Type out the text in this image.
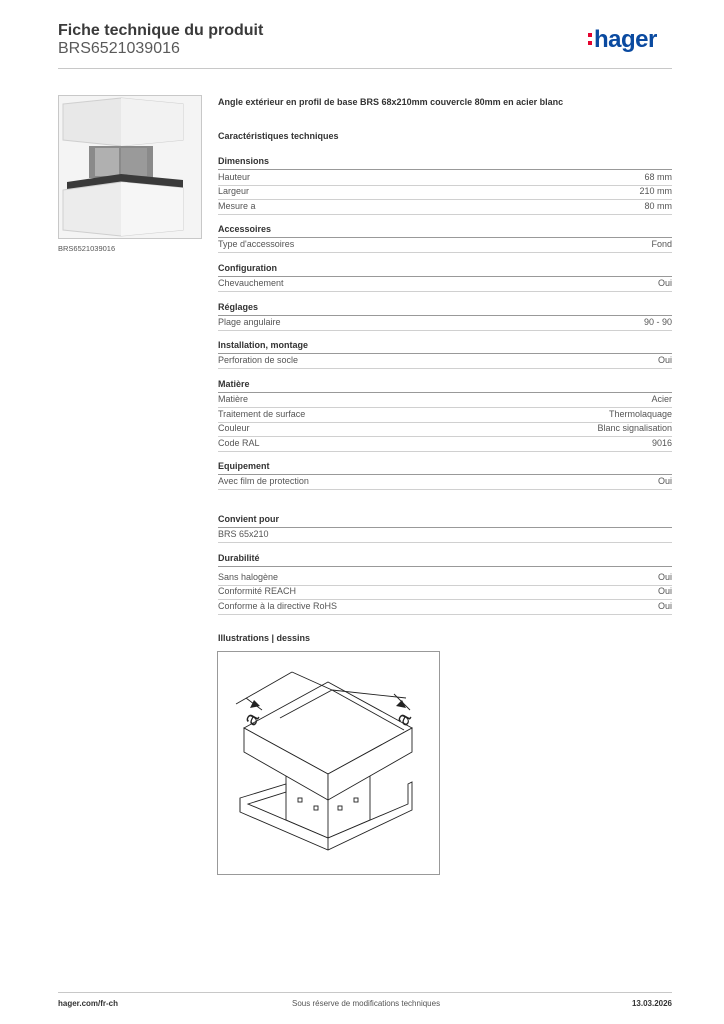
Fiche technique du produit
BRS6521039016	hager
BRS6521039016
Angle extérieur en profil de base BRS 68x210mm couvercle 80mm en acier blanc
Caractéristiques techniques
Dimensions
Hauteur	68 mm
Largeur	210 mm
Mesure a	80 mm
Accessoires
Type d'accessoires	Fond
Configuration
Chevauchement	Oui
Réglages
Plage angulaire	90 - 90
Installation, montage
Perforation de socle	Oui
Matière
Matière	Acier
Traitement de surface	Thermolaquage
Couleur	Blanc signalisation
Code RAL	9016
Equipement
Avec film de protection	Oui
Convient pour
BRS 65x210
Durabilité
Sans halogène	Oui
Conformité REACH	Oui
Conforme à la directive RoHS	Oui
Illustrations | dessins
a	a
hager.com/fr-ch	Sous réserve de modifications techniques	13.03.2026
